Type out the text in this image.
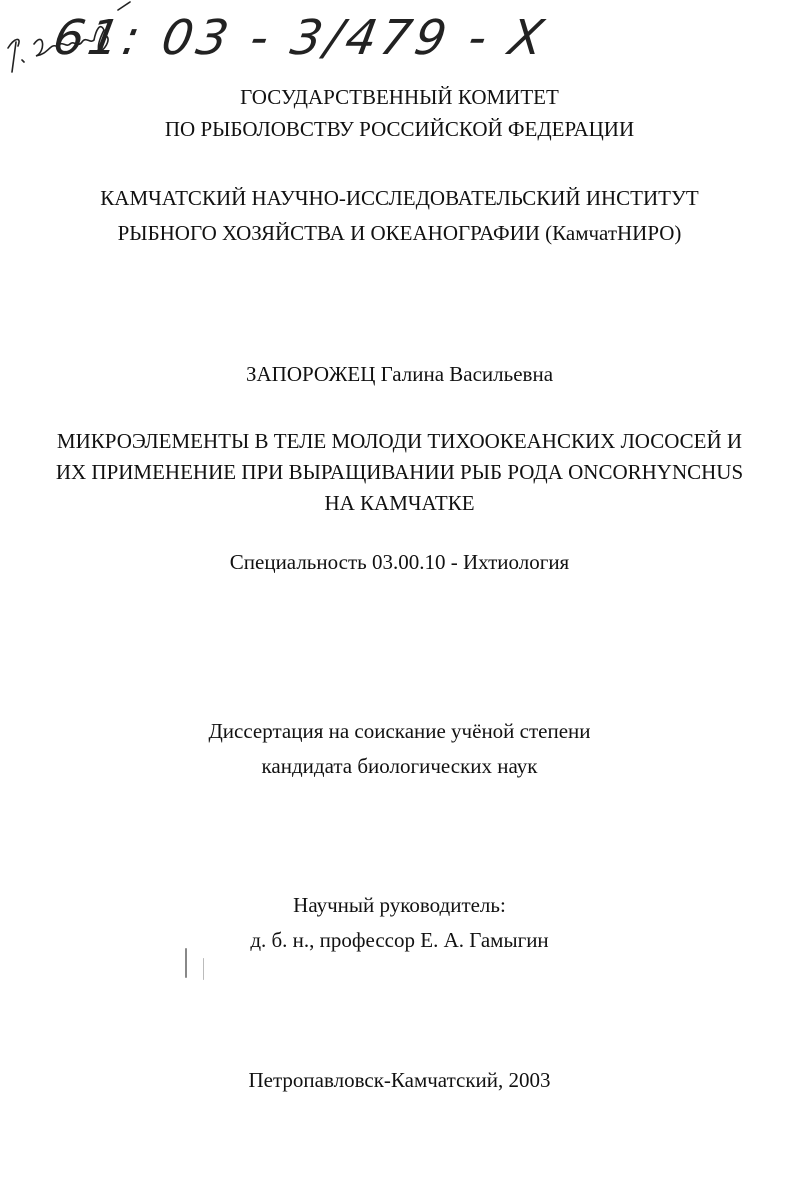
61: 03 - 3/479 - Х
ГОСУДАРСТВЕННЫЙ КОМИТЕТ
ПО РЫБОЛОВСТВУ РОССИЙСКОЙ ФЕДЕРАЦИИ
КАМЧАТСКИЙ НАУЧНО-ИССЛЕДОВАТЕЛЬСКИЙ ИНСТИТУТ
РЫБНОГО ХОЗЯЙСТВА И ОКЕАНОГРАФИИ (КамчатНИРО)
ЗАПОРОЖЕЦ Галина Васильевна
МИКРОЭЛЕМЕНТЫ В ТЕЛЕ МОЛОДИ ТИХООКЕАНСКИХ ЛОСОСЕЙ И
ИХ ПРИМЕНЕНИЕ ПРИ ВЫРАЩИВАНИИ РЫБ РОДА ONCORHYNCHUS
НА КАМЧАТКЕ
Специальность 03.00.10 - Ихтиология
Диссертация на соискание учёной степени
кандидата биологических наук
Научный руководитель:
д. б. н., профессор Е. А. Гамыгин
Петропавловск-Камчатский, 2003
